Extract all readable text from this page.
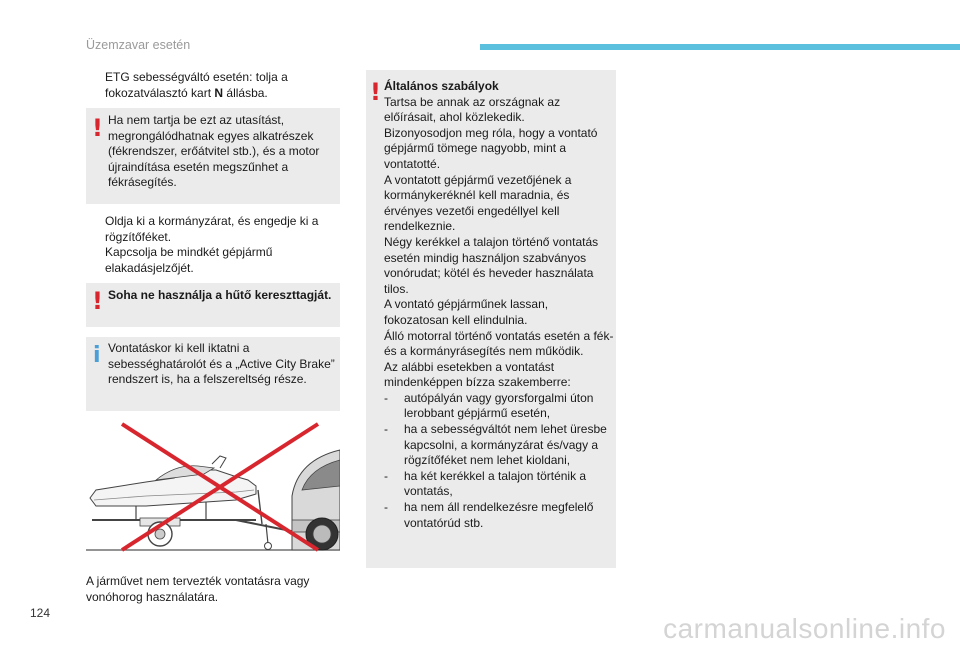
Üzemzavar esetén
ETG sebességváltó esetén: tolja a fokozatválasztó kart N állásba.
! Ha nem tartja be ezt az utasítást, megrongálódhatnak egyes alkatrészek (fékrendszer, erőátvitel stb.), és a motor újraindítása esetén megszűnhet a fékrásegítés.
Oldja ki a kormányzárat, és engedje ki a rögzítőféket.
Kapcsolja be mindkét gépjármű elakadásjelzőjét.
! Soha ne használja a hűtő kereszttagját.
i Vontatáskor ki kell iktatni a sebességhatárolót és a „Active City Brake” rendszert is, ha a felszereltség része.
A járművet nem tervezték vontatásra vagy vonóhorog használatára.
! Általános szabályok
Tartsa be annak az országnak az előírásait, ahol közlekedik.
Bizonyosodjon meg róla, hogy a vontató gépjármű tömege nagyobb, mint a vontatotté.
A vontatott gépjármű vezetőjének a kormánykeréknél kell maradnia, és érvényes vezetői engedéllyel kell rendelkeznie.
Négy kerékkel a talajon történő vontatás esetén mindig használjon szabványos vonórudat; kötél és heveder használata tilos.
A vontató gépjárműnek lassan, fokozatosan kell elindulnia.
Álló motorral történő vontatás esetén a fék- és a kormányrásegítés nem működik.
Az alábbi esetekben a vontatást mindenképpen bízza szakemberre:
-	autópályán vagy gyorsforgalmi úton lerobbant gépjármű esetén,
-	ha a sebességváltót nem lehet üresbe kapcsolni, a kormányzárat és/vagy a rögzítőféket nem lehet kioldani,
-	ha két kerékkel a talajon történik a vontatás,
-	ha nem áll rendelkezésre megfelelő vontatórúd stb.
124	carmanualsonline.info
